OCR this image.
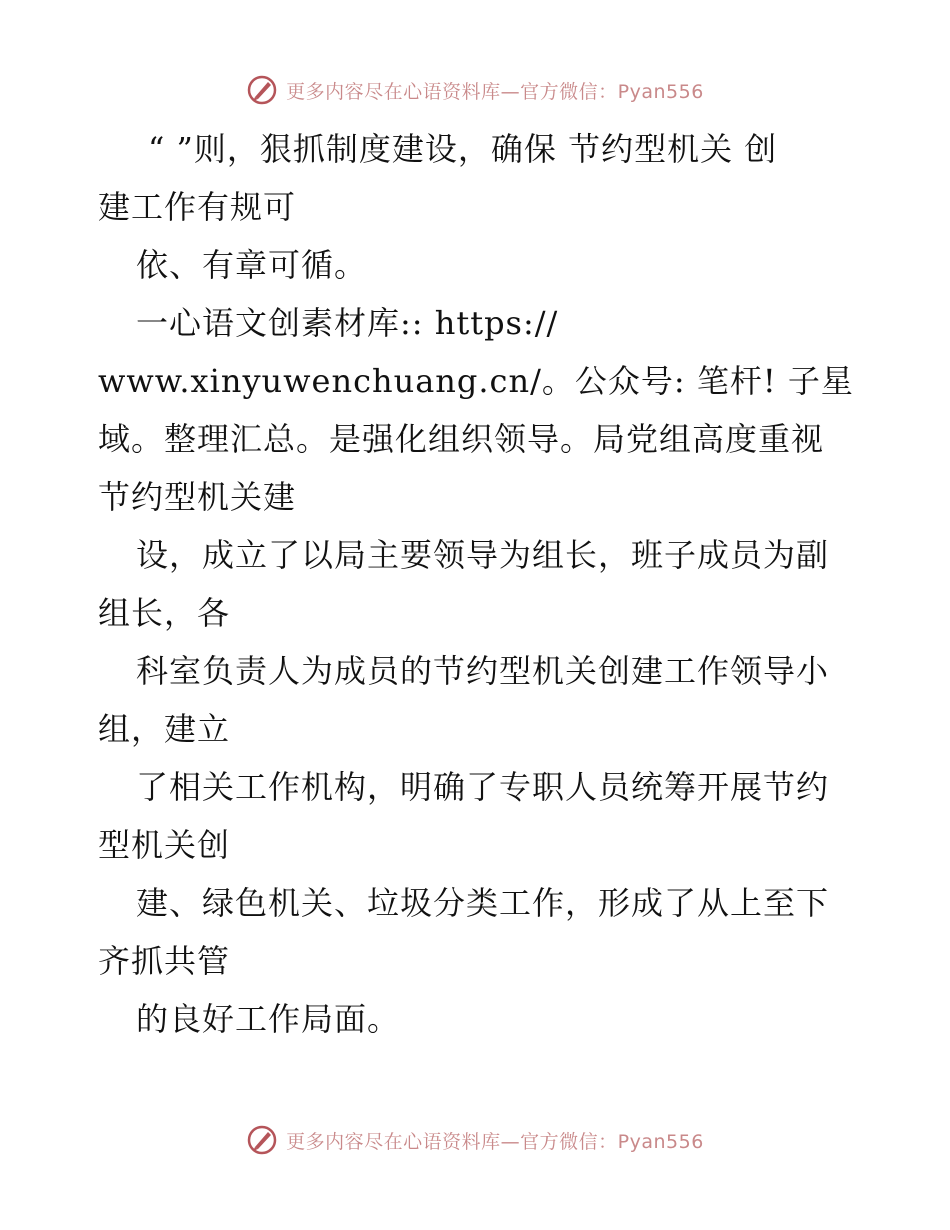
更多内容尽在心语资料库—官方微信：Pyan556
“ ”则，狠抓制度建设，确保 节约型机关 创
建工作有规可
依、有章可循。
一心语文创素材库:: https://
www.xinyuwenchuang.cn/。公众号: 笔杆! 子星
域。整理汇总。是强化组织领导。局党组高度重视
节约型机关建
设，成立了以局主要领导为组长，班子成员为副
组长，各
科室负责人为成员的节约型机关创建工作领导小
组，建立
了相关工作机构，明确了专职人员统筹开展节约
型机关创
建、绿色机关、垃圾分类工作，形成了从上至下
齐抓共管
的良好工作局面。
更多内容尽在心语资料库—官方微信：Pyan556
